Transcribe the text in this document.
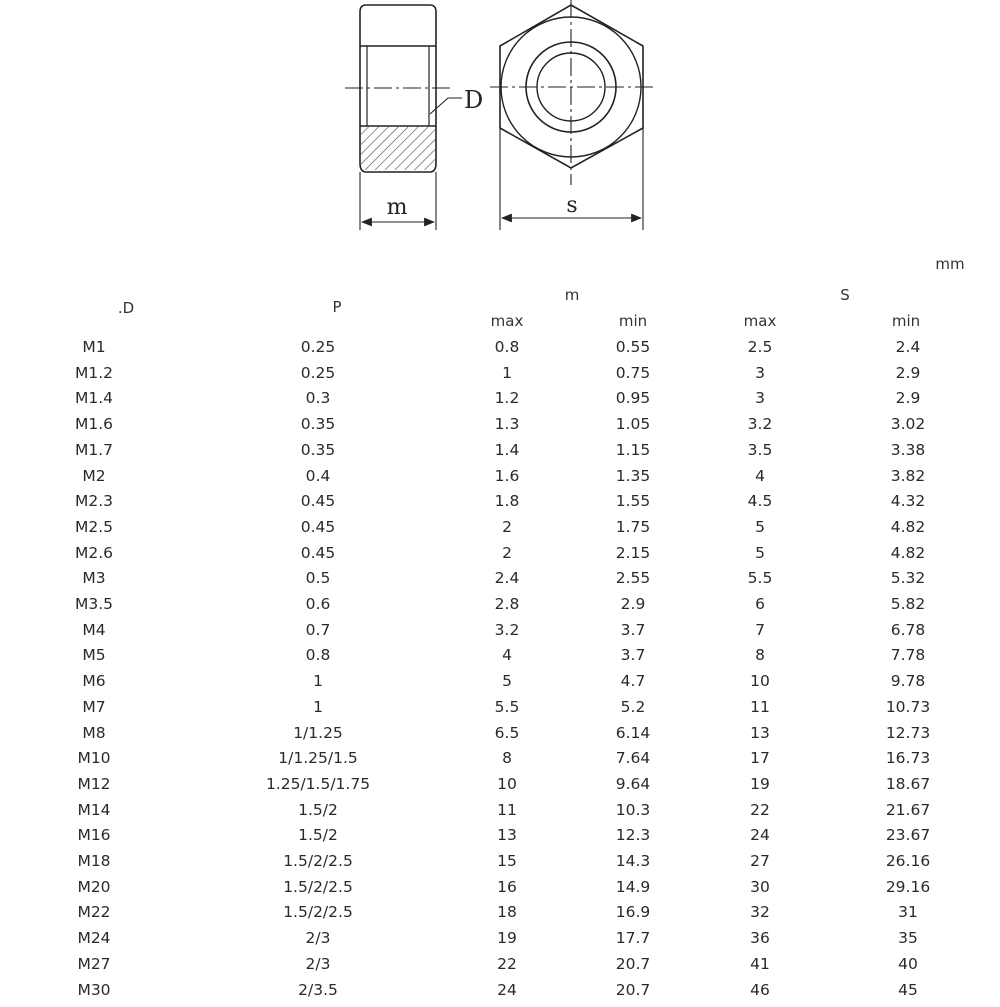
m
D
s
mm
.D	P
m	S
max	min	max	min
M1	0.25	0.8	0.55	2.5	2.4
M1.2	0.25	1	0.75	3	2.9
M1.4	0.3	1.2	0.95	3	2.9
M1.6	0.35	1.3	1.05	3.2	3.02
M1.7	0.35	1.4	1.15	3.5	3.38
M2	0.4	1.6	1.35	4	3.82
M2.3	0.45	1.8	1.55	4.5	4.32
M2.5	0.45	2	1.75	5	4.82
M2.6	0.45	2	2.15	5	4.82
M3	0.5	2.4	2.55	5.5	5.32
M3.5	0.6	2.8	2.9	6	5.82
M4	0.7	3.2	3.7	7	6.78
M5	0.8	4	3.7	8	7.78
M6	1	5	4.7	10	9.78
M7	1	5.5	5.2	11	10.73
M8	1/1.25	6.5	6.14	13	12.73
M10	1/1.25/1.5	8	7.64	17	16.73
M12	1.25/1.5/1.75	10	9.64	19	18.67
M14	1.5/2	11	10.3	22	21.67
M16	1.5/2	13	12.3	24	23.67
M18	1.5/2/2.5	15	14.3	27	26.16
M20	1.5/2/2.5	16	14.9	30	29.16
M22	1.5/2/2.5	18	16.9	32	31
M24	2/3	19	17.7	36	35
M27	2/3	22	20.7	41	40
M30	2/3.5	24	20.7	46	45
